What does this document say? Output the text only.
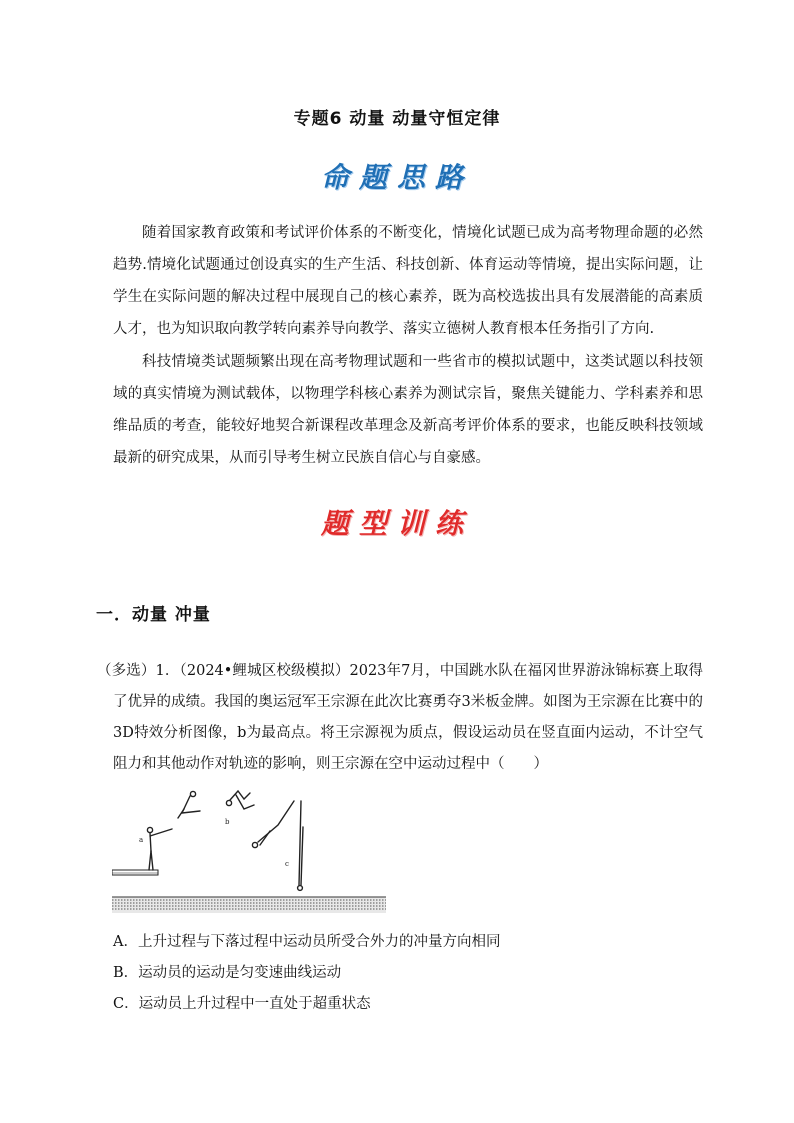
专题6 动量 动量守恒定律
命题思路

随着国家教育政策和考试评价体系的不断变化，情境化试题已成为高考物理命题的必然趋势.情境化试题通过创设真实的生产生活、科技创新、体育运动等情境，提出实际问题，让学生在实际问题的解决过程中展现自己的核心素养，既为高校选拔出具有发展潜能的高素质人才，也为知识取向教学转向素养导向教学、落实立德树人教育根本任务指引了方向.

科技情境类试题频繁出现在高考物理试题和一些省市的模拟试题中，这类试题以科技领域的真实情境为测试载体，以物理学科核心素养为测试宗旨，聚焦关键能力、学科素养和思维品质的考查，能较好地契合新课程改革理念及新高考评价体系的要求，也能反映科技领域最新的研究成果，从而引导考生树立民族自信心与自豪感。

题型训练
一．动量 冲量
（多选）1．（2024•鲤城区校级模拟）2023年7月，中国跳水队在福冈世界游泳锦标赛上取得了优异的成绩。我国的奥运冠军王宗源在此次比赛勇夺3米板金牌。如图为王宗源在比赛中的3D特效分析图像，b为最高点。将王宗源视为质点，假设运动员在竖直面内运动，不计空气阻力和其他动作对轨迹的影响，则王宗源在空中运动过程中（　　）
a
b
c
A．上升过程与下落过程中运动员所受合外力的冲量方向相同
B．运动员的运动是匀变速曲线运动
C．运动员上升过程中一直处于超重状态
